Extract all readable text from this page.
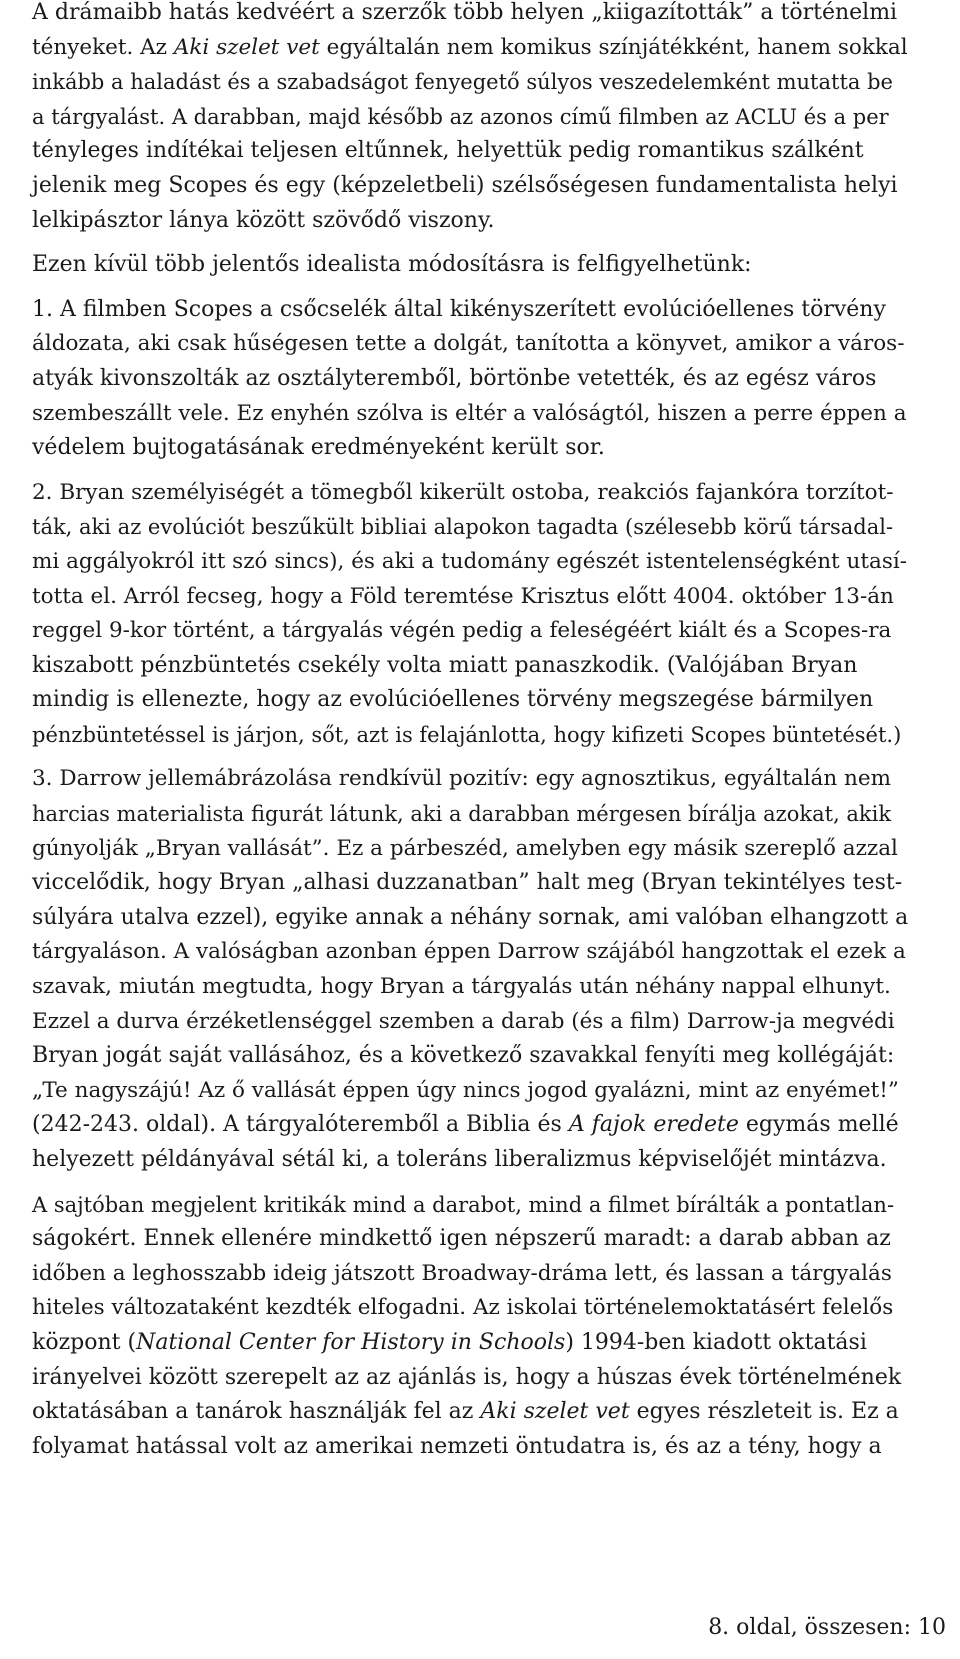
A drámaibb hatás kedvéért a szerzők több helyen „kiigazították” a történelmi
tényeket. Az Aki szelet vet egyáltalán nem komikus színjátékként, hanem sokkal
inkább a haladást és a szabadságot fenyegető súlyos veszedelemként mutatta be
a tárgyalást. A darabban, majd később az azonos című filmben az ACLU és a per
tényleges indítékai teljesen eltűnnek, helyettük pedig romantikus szálként
jelenik meg Scopes és egy (képzeletbeli) szélsőségesen fundamentalista helyi
lelkipásztor lánya között szövődő viszony.

Ezen kívül több jelentős idealista módosításra is felfigyelhetünk:

1. A filmben Scopes a csőcselék által kikényszerített evolúcióellenes törvény
áldozata, aki csak hűségesen tette a dolgát, tanította a könyvet, amikor a város-
atyák kivonszolták az osztályteremből, börtönbe vetették, és az egész város
szembeszállt vele. Ez enyhén szólva is eltér a valóságtól, hiszen a perre éppen a
védelem bujtogatásának eredményeként került sor.

2. Bryan személyiségét a tömegből kikerült ostoba, reakciós fajankóra torzítot-
ták, aki az evolúciót beszűkült bibliai alapokon tagadta (szélesebb körű társadal-
mi aggályokról itt szó sincs), és aki a tudomány egészét istentelenségként utasí-
totta el. Arról fecseg, hogy a Föld teremtése Krisztus előtt 4004. október 13-án
reggel 9-kor történt, a tárgyalás végén pedig a feleségéért kiált és a Scopes-ra
kiszabott pénzbüntetés csekély volta miatt panaszkodik. (Valójában Bryan
mindig is ellenezte, hogy az evolúcióellenes törvény megszegése bármilyen
pénzbüntetéssel is járjon, sőt, azt is felajánlotta, hogy kifizeti Scopes büntetését.)

3. Darrow jellemábrázolása rendkívül pozitív: egy agnosztikus, egyáltalán nem
harcias materialista figurát látunk, aki a darabban mérgesen bírálja azokat, akik
gúnyolják „Bryan vallását”. Ez a párbeszéd, amelyben egy másik szereplő azzal
viccelődik, hogy Bryan „alhasi duzzanatban” halt meg (Bryan tekintélyes test-
súlyára utalva ezzel), egyike annak a néhány sornak, ami valóban elhangzott a
tárgyaláson. A valóságban azonban éppen Darrow szájából hangzottak el ezek a
szavak, miután megtudta, hogy Bryan a tárgyalás után néhány nappal elhunyt.
Ezzel a durva érzéketlenséggel szemben a darab (és a film) Darrow-ja megvédi
Bryan jogát saját vallásához, és a következő szavakkal fenyíti meg kollégáját:
„Te nagyszájú! Az ő vallását éppen úgy nincs jogod gyalázni, mint az enyémet!”
(242-243. oldal). A tárgyalóteremből a Biblia és A fajok eredete egymás mellé
helyezett példányával sétál ki, a toleráns liberalizmus képviselőjét mintázva.

A sajtóban megjelent kritikák mind a darabot, mind a filmet bírálták a pontatlan-
ságokért. Ennek ellenére mindkettő igen népszerű maradt: a darab abban az
időben a leghosszabb ideig játszott Broadway-dráma lett, és lassan a tárgyalás
hiteles változataként kezdték elfogadni. Az iskolai történelemoktatásért felelős
központ (National Center for History in Schools) 1994-ben kiadott oktatási
irányelvei között szerepelt az az ajánlás is, hogy a húszas évek történelmének
oktatásában a tanárok használják fel az Aki szelet vet egyes részleteit is. Ez a
folyamat hatással volt az amerikai nemzeti öntudatra is, és az a tény, hogy a

8. oldal, összesen: 10
